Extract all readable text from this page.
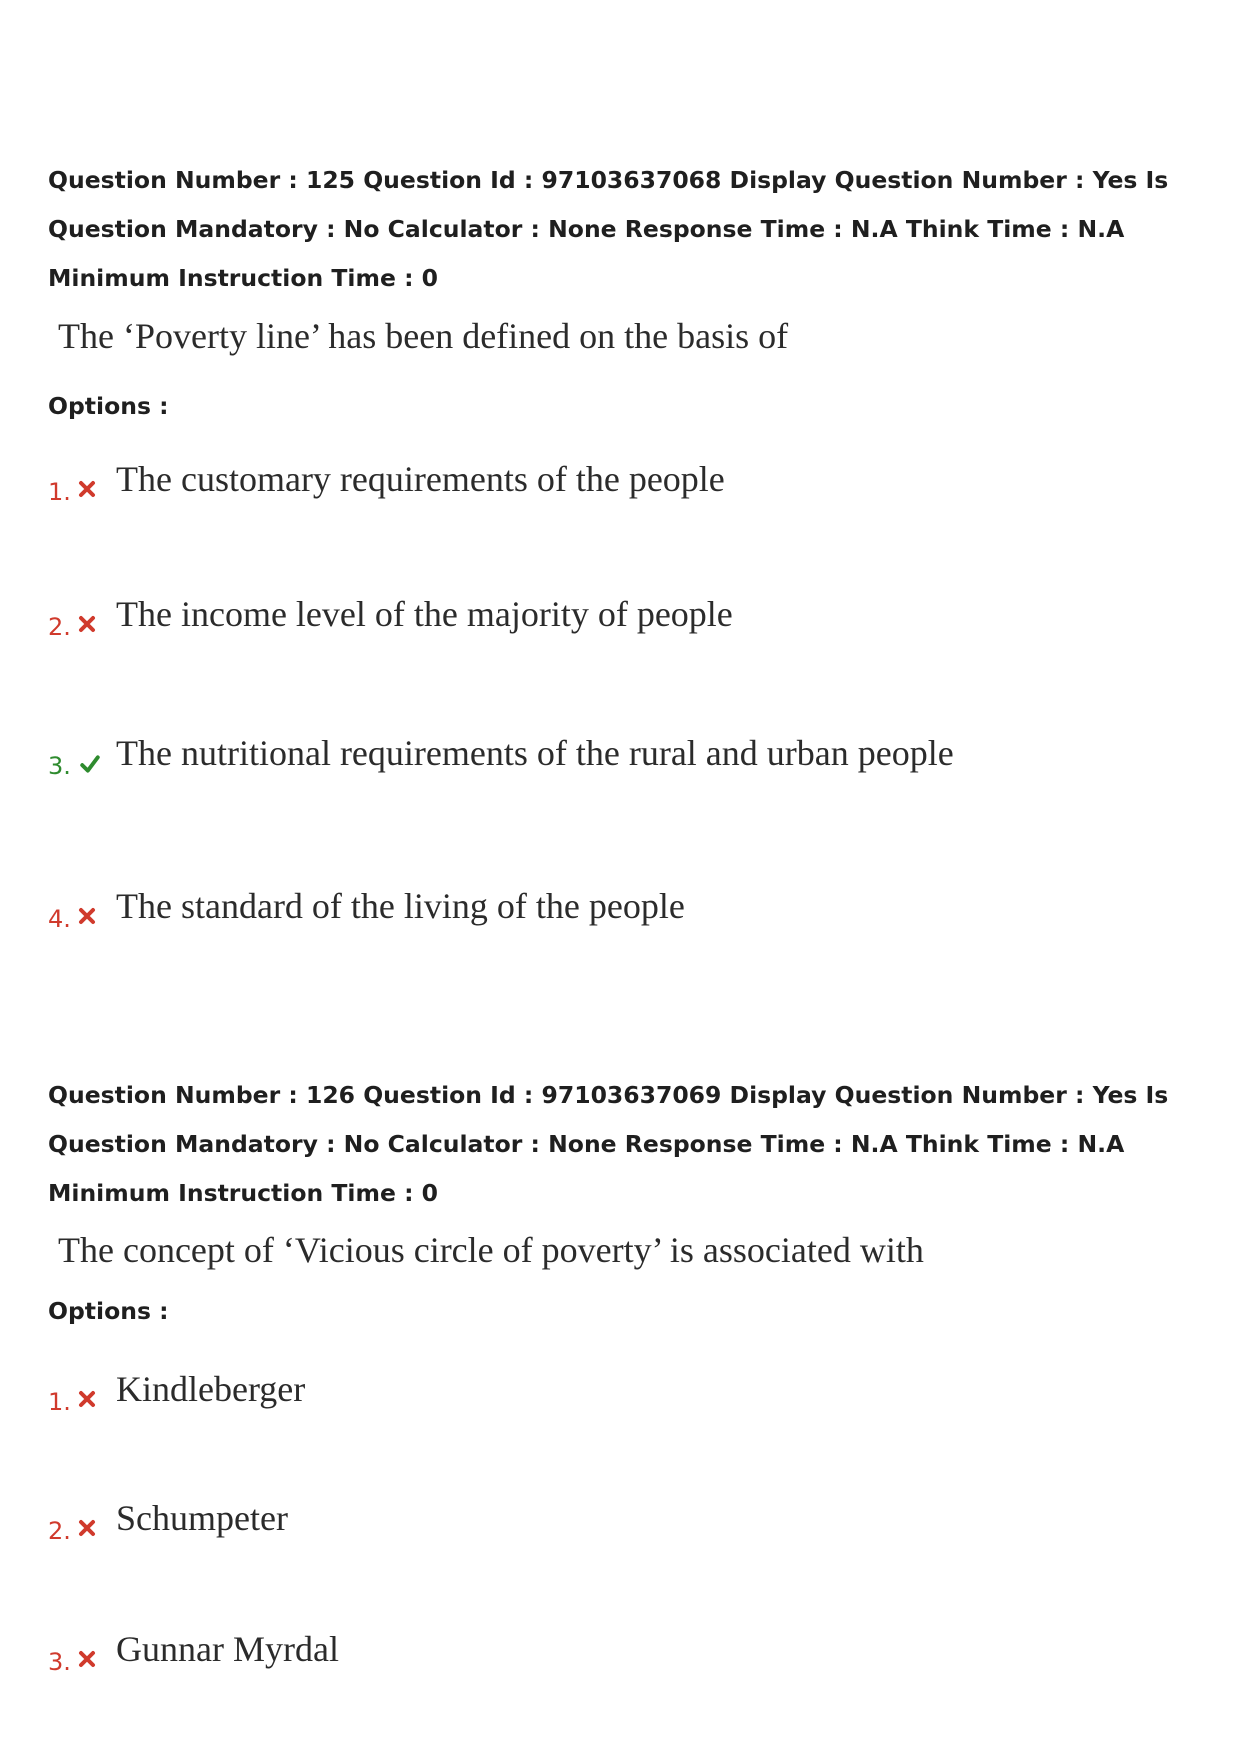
Question Number : 125 Question Id : 97103637068 Display Question Number : Yes Is Question Mandatory : No Calculator : None Response Time : N.A Think Time : N.A Minimum Instruction Time : 0
The ‘Poverty line’ has been defined on the basis of
Options :
1. The customary requirements of the people
2. The income level of the majority of people
3. The nutritional requirements of the rural and urban people
4. The standard of the living of the people
Question Number : 126 Question Id : 97103637069 Display Question Number : Yes Is Question Mandatory : No Calculator : None Response Time : N.A Think Time : N.A Minimum Instruction Time : 0
The concept of ‘Vicious circle of poverty’ is associated with
Options :
1. Kindleberger
2. Schumpeter
3. Gunnar Myrdal
